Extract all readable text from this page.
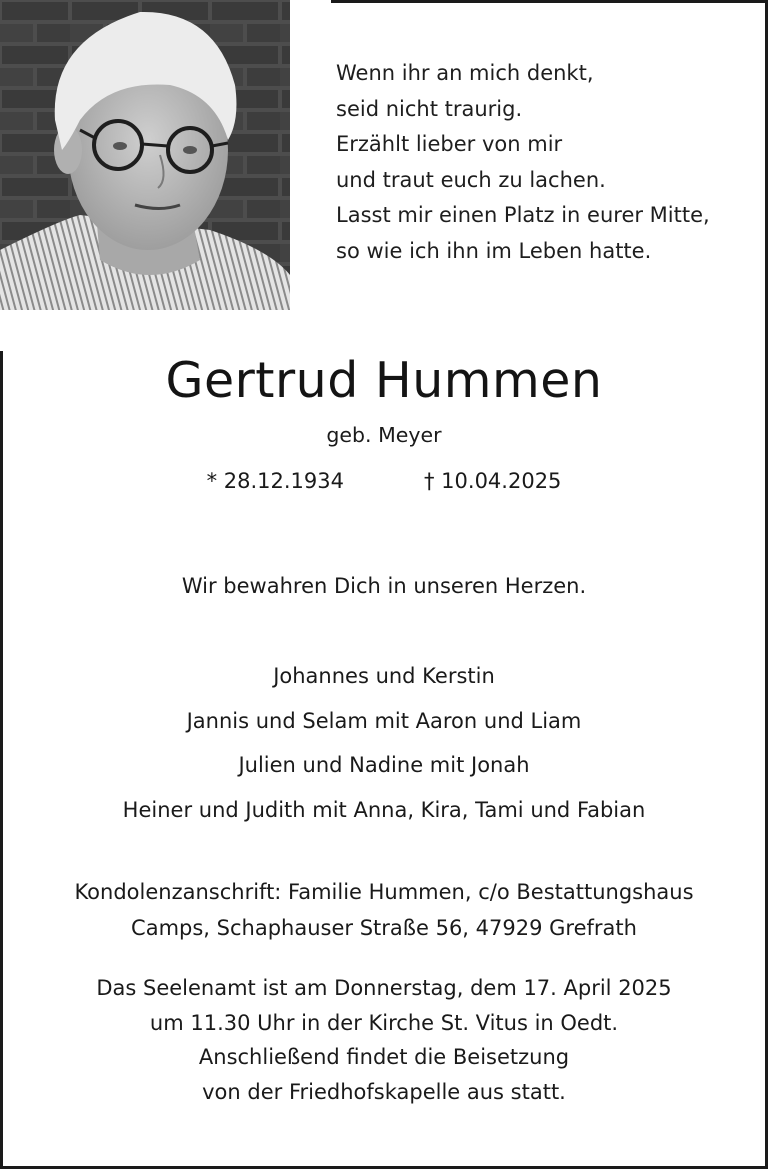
Wenn ihr an mich denkt,
seid nicht traurig.
Erzählt lieber von mir
und traut euch zu lachen.
Lasst mir einen Platz in eurer Mitte,
so wie ich ihn im Leben hatte.
Gertrud Hummen
geb. Meyer
* 28.12.1934	† 10.04.2025
Wir bewahren Dich in unseren Herzen.
Johannes und Kerstin
Jannis und Selam mit Aaron und Liam
Julien und Nadine mit Jonah
Heiner und Judith mit Anna, Kira, Tami und Fabian
Kondolenzanschrift: Familie Hummen, c/o Bestattungshaus
Camps, Schaphauser Straße 56, 47929 Grefrath
Das Seelenamt ist am Donnerstag, dem 17. April 2025
um 11.30 Uhr in der Kirche St. Vitus in Oedt.
Anschließend findet die Beisetzung
von der Friedhofskapelle aus statt.
